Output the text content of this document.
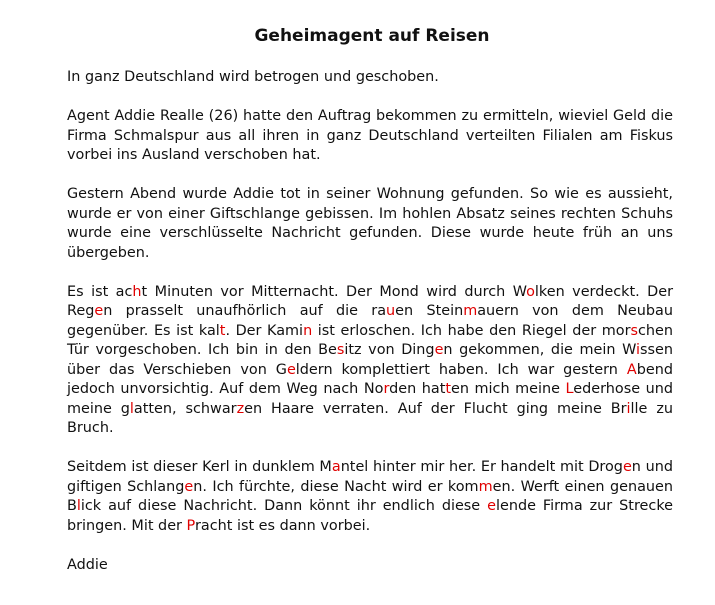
Geheimagent auf Reisen
In ganz Deutschland wird betrogen und geschoben.
Agent Addie Realle (26) hatte den Auftrag bekommen zu ermitteln, wieviel Geld die Firma Schmalspur aus all ihren in ganz Deutschland verteilten Filialen am Fiskus vorbei ins Ausland verschoben hat.
Gestern Abend wurde Addie tot in seiner Wohnung gefunden. So wie es aussieht, wurde er von einer Giftschlange gebissen. Im hohlen Absatz seines rechten Schuhs wurde eine verschlüsselte Nachricht gefunden. Diese wurde heute früh an uns übergeben.
Es ist acht Minuten vor Mitternacht. Der Mond wird durch Wolken verdeckt. Der Regen prasselt unaufhörlich auf die rauen Steinmauern von dem Neubau gegenüber. Es ist kalt. Der Kamin ist erloschen. Ich habe den Riegel der morschen Tür vorgeschoben. Ich bin in den Besitz von Dingen gekommen, die mein Wissen über das Verschieben von Geldern komplettiert haben. Ich war gestern Abend jedoch unvorsichtig. Auf dem Weg nach Norden hatten mich meine Lederhose und meine glatten, schwarzen Haare verraten. Auf der Flucht ging meine Brille zu Bruch.
Seitdem ist dieser Kerl in dunklem Mantel hinter mir her. Er handelt mit Drogen und giftigen Schlangen. Ich fürchte, diese Nacht wird er kommen. Werft einen genauen Blick auf diese Nachricht. Dann könnt ihr endlich diese elende Firma zur Strecke bringen. Mit der Pracht ist es dann vorbei.
Addie
